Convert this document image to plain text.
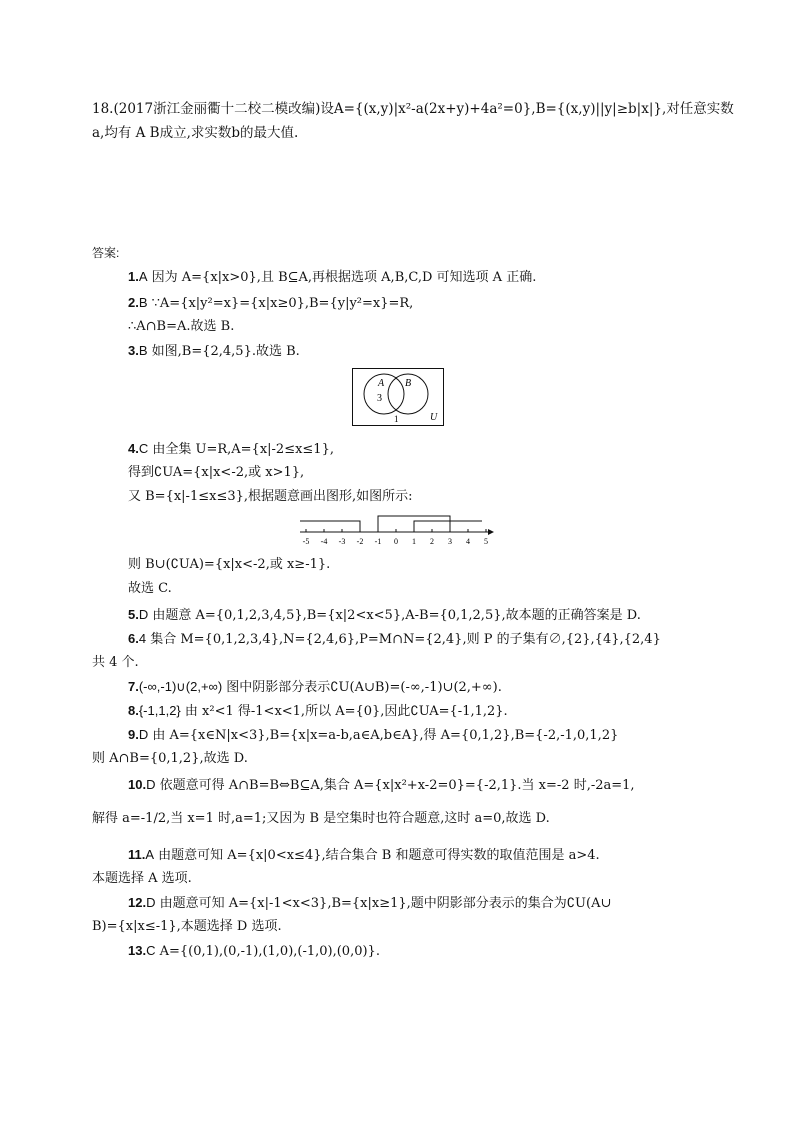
18.(2017浙江金丽衢十二校二模改编)设A={(x,y)|x²-a(2x+y)+4a²=0},B={(x,y)||y|≥b|x|},对任意实数
a,均有 A B成立,求实数b的最大值.
答案:
1.A 因为 A={x|x>0},且 B⊆A,再根据选项 A,B,C,D 可知选项 A 正确.
2.B ∵A={x|y²=x}={x|x≥0},B={y|y²=x}=R,
∴A∩B=A.故选 B.
3.B 如图,B={2,4,5}.故选 B.
A B
3
1	U
4.C 由全集 U=R,A={x|-2≤x≤1},
得到∁UA={x|x<-2,或 x>1},
又 B={x|-1≤x≤3},根据题意画出图形,如图所示:
-5 -4 -3 -2 -1 0 1 2 3 4 5
则 B∪(∁UA)={x|x<-2,或 x≥-1}.
故选 C.
5.D 由题意 A={0,1,2,3,4,5},B={x|2<x<5},A-B={0,1,2,5},故本题的正确答案是 D.
6.4 集合 M={0,1,2,3,4},N={2,4,6},P=M∩N={2,4},则 P 的子集有∅,{2},{4},{2,4}
共 4 个.
7.(-∞,-1)∪(2,+∞) 图中阴影部分表示∁U(A∪B)=(-∞,-1)∪(2,+∞).
8.{-1,1,2} 由 x²<1 得-1<x<1,所以 A={0},因此∁UA={-1,1,2}.
9.D 由 A={x∈N|x<3},B={x|x=a-b,a∈A,b∈A},得 A={0,1,2},B={-2,-1,0,1,2}
则 A∩B={0,1,2},故选 D.
10.D 依题意可得 A∩B=B⇔B⊆A,集合 A={x|x²+x-2=0}={-2,1}.当 x=-2 时,-2a=1,
解得 a=-1/2,当 x=1 时,a=1;又因为 B 是空集时也符合题意,这时 a=0,故选 D.
11.A 由题意可知 A={x|0<x≤4},结合集合 B 和题意可得实数的取值范围是 a>4.
本题选择 A 选项.
12.D 由题意可知 A={x|-1<x<3},B={x|x≥1},题中阴影部分表示的集合为∁U(A∪
B)={x|x≤-1},本题选择 D 选项.
13.C A={(0,1),(0,-1),(1,0),(-1,0),(0,0)}.
